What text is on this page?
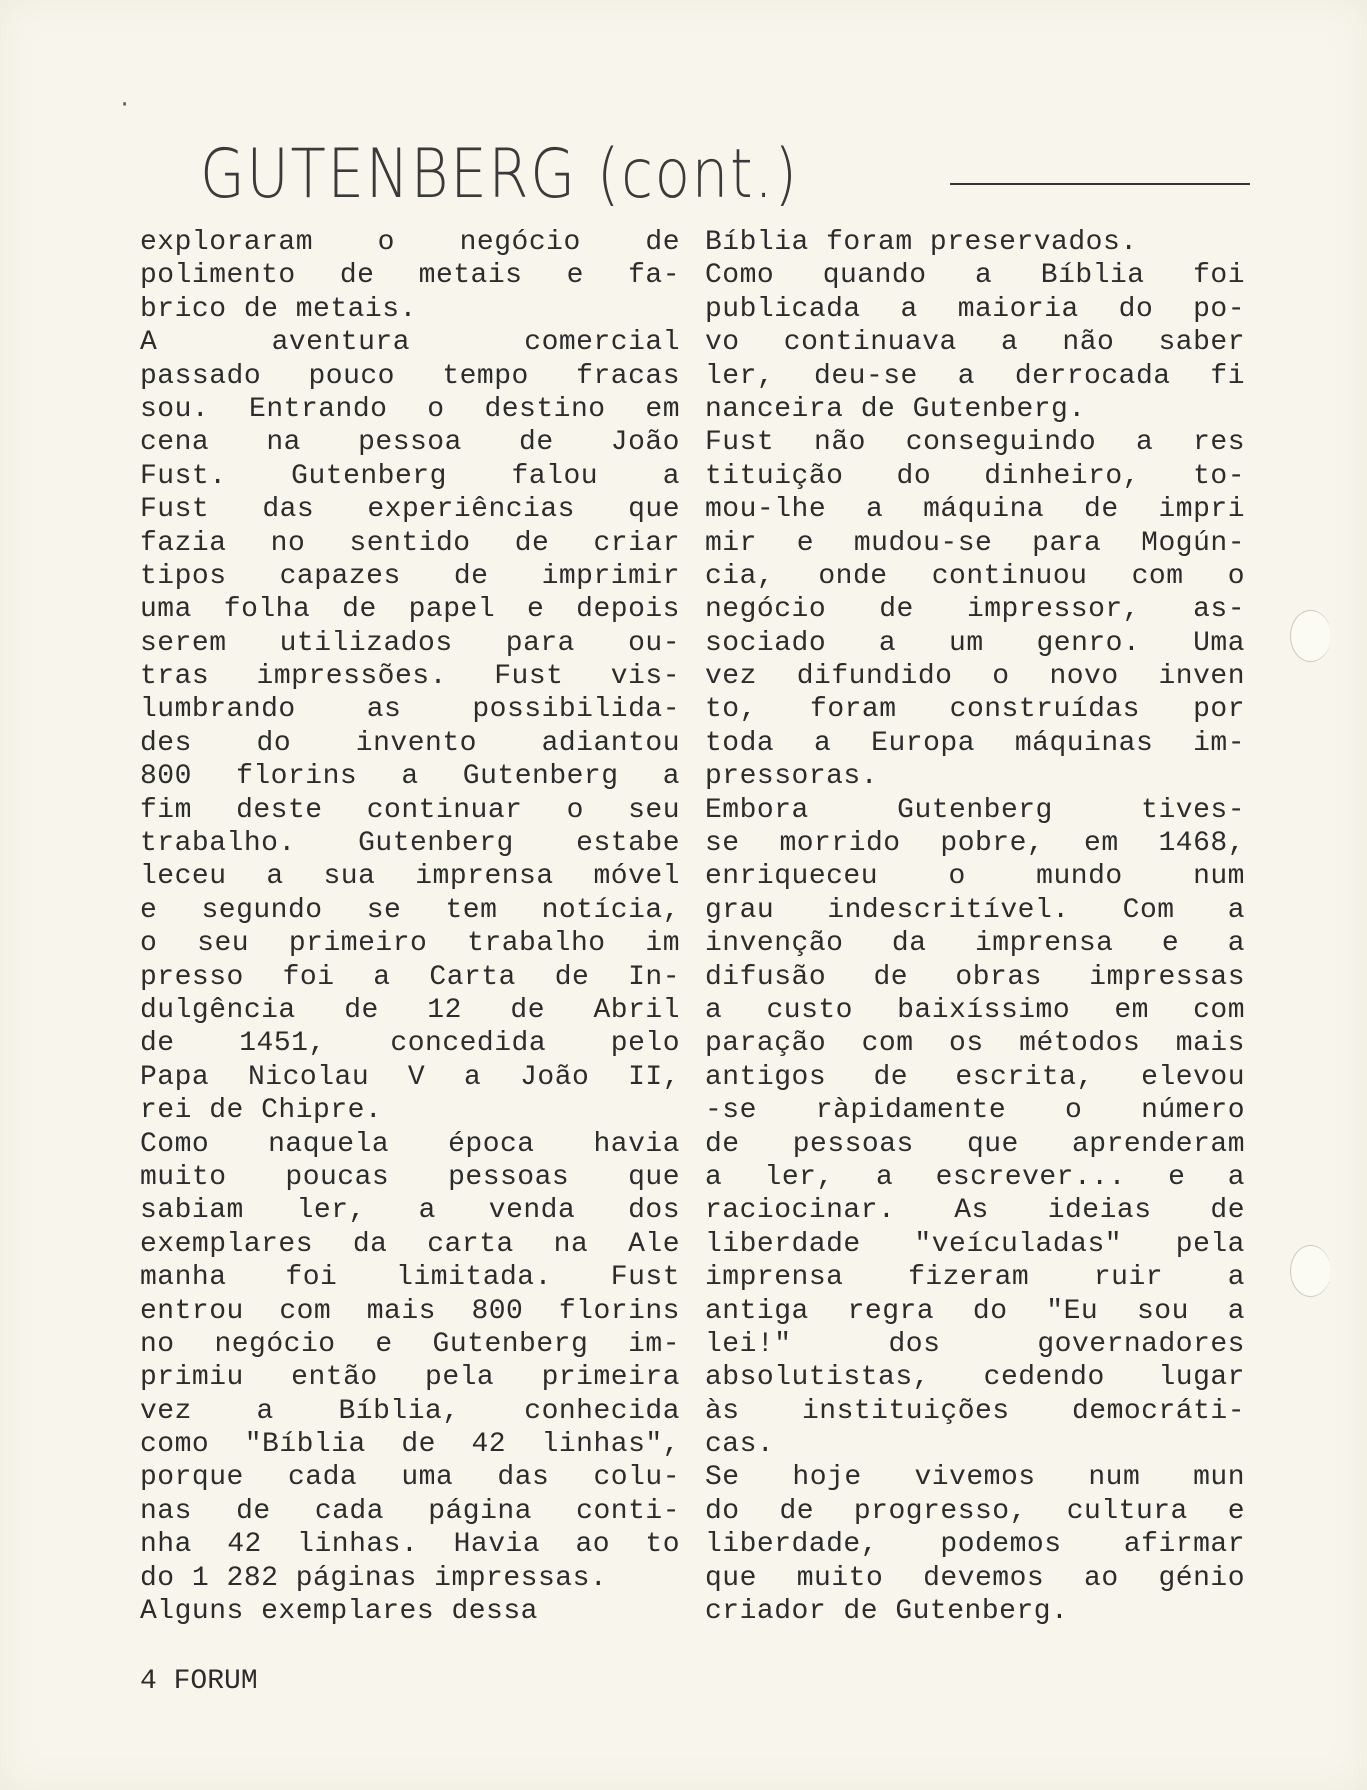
·
GUTENBERG (cont.)
exploraram o negócio de
polimento de metais e fa-
brico de metais.
A aventura comercial
passado pouco tempo fracas
sou. Entrando o destino em
cena na pessoa de João
Fust. Gutenberg falou a
Fust das experiências que
fazia no sentido de criar
tipos capazes de imprimir
uma folha de papel e depois
serem utilizados para ou-
tras impressões. Fust vis-
lumbrando as possibilida-
des do invento adiantou
800 florins a Gutenberg a
fim deste continuar o seu
trabalho. Gutenberg estabe
leceu a sua imprensa móvel
e segundo se tem notícia,
o seu primeiro trabalho im
presso foi a Carta de In-
dulgência de 12 de Abril
de 1451, concedida pelo
Papa Nicolau V a João II,
rei de Chipre.
Como naquela época havia
muito poucas pessoas que
sabiam ler, a venda dos
exemplares da carta na Ale
manha foi limitada. Fust
entrou com mais 800 florins
no negócio e Gutenberg im-
primiu então pela primeira
vez a Bíblia, conhecida
como "Bíblia de 42 linhas",
porque cada uma das colu-
nas de cada página conti-
nha 42 linhas. Havia ao to
do 1 282 páginas impressas.
Alguns exemplares dessa
Bíblia foram preservados.
Como quando a Bíblia foi
publicada a maioria do po-
vo continuava a não saber
ler, deu-se a derrocada fi
nanceira de Gutenberg.
Fust não conseguindo a res
tituição do dinheiro, to-
mou-lhe a máquina de impri
mir e mudou-se para Mogún-
cia, onde continuou com o
negócio de impressor, as-
sociado a um genro. Uma
vez difundido o novo inven
to, foram construídas por
toda a Europa máquinas im-
pressoras.
Embora Gutenberg tives-
se morrido pobre, em 1468,
enriqueceu o mundo num
grau indescritível. Com a
invenção da imprensa e a
difusão de obras impressas
a custo baixíssimo em com
paração com os métodos mais
antigos de escrita, elevou
-se ràpidamente o número
de pessoas que aprenderam
a ler, a escrever... e a
raciocinar. As ideias de
liberdade "veículadas" pela
imprensa fizeram ruir a
antiga regra do "Eu sou a
lei!" dos governadores
absolutistas, cedendo lugar
às instituições democráti-
cas.
Se hoje vivemos num mun
do de progresso, cultura e
liberdade, podemos afirmar
que muito devemos ao génio
criador de Gutenberg.
4 FORUM
